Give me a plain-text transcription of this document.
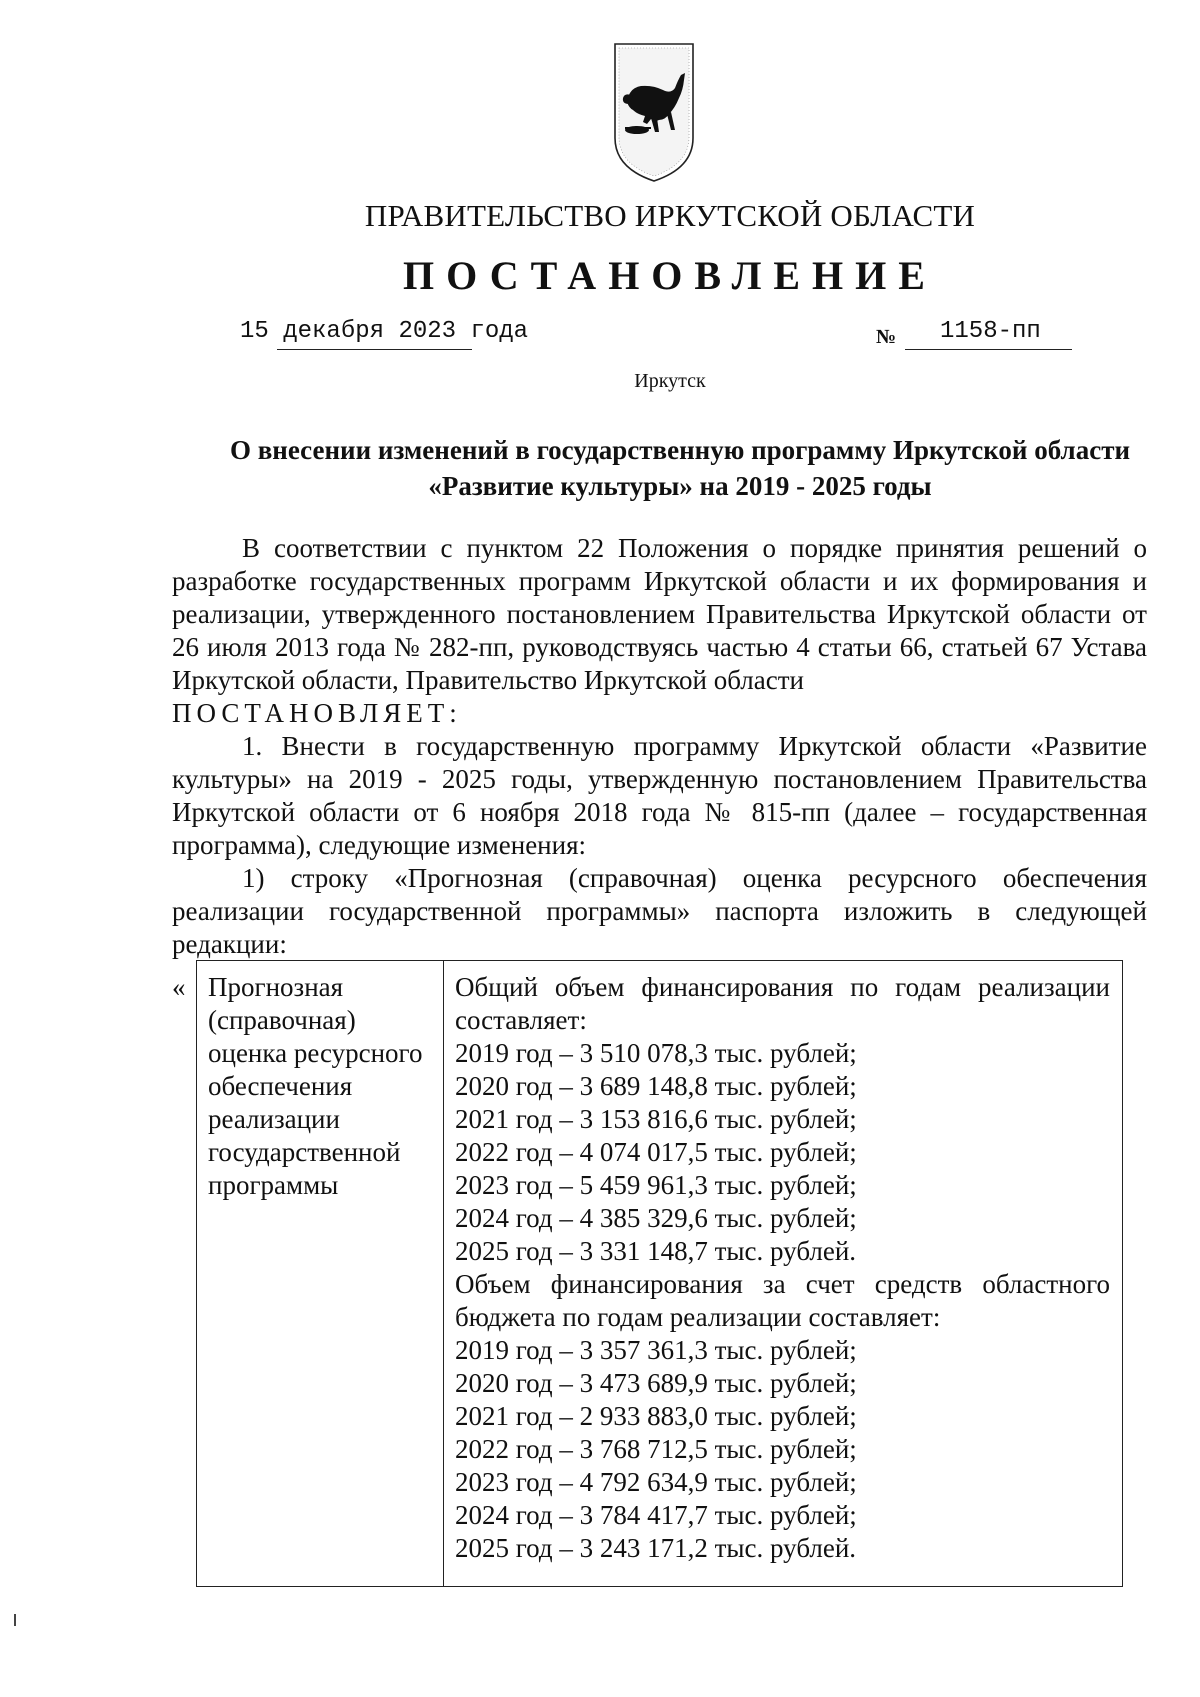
ПРАВИТЕЛЬСТВО ИРКУТСКОЙ ОБЛАСТИ
ПОСТАНОВЛЕНИЕ
15 декабря 2023 года	№ 1158-пп
Иркутск
О внесении изменений в государственную программу Иркутской области
«Развитие культуры» на 2019 - 2025 годы

В соответствии с пунктом 22 Положения о порядке принятия решений о разработке государственных программ Иркутской области и их формирования и реализации, утвержденного постановлением Правительства Иркутской области от 26 июля 2013 года № 282-пп, руководствуясь частью 4 статьи 66, статьей 67 Устава Иркутской области, Правительство Иркутской области

ПОСТАНОВЛЯЕТ:

1. Внести в государственную программу Иркутской области «Развитие культуры» на 2019 - 2025 годы, утвержденную постановлением Правительства Иркутской области от 6 ноября 2018 года № 815-пп (далее – государственная программа), следующие изменения:

1) строку «Прогнозная (справочная) оценка ресурсного обеспечения реализации государственной программы» паспорта изложить в следующей редакции:

« Прогнозная (справочная) оценка ресурсного обеспечения реализации государственной программы
Общий объем финансирования по годам реализации составляет:
2019 год – 3 510 078,3 тыс. рублей;
2020 год – 3 689 148,8 тыс. рублей;
2021 год – 3 153 816,6 тыс. рублей;
2022 год – 4 074 017,5 тыс. рублей;
2023 год – 5 459 961,3 тыс. рублей;
2024 год – 4 385 329,6 тыс. рублей;
2025 год – 3 331 148,7 тыс. рублей.
Объем финансирования за счет средств областного бюджета по годам реализации составляет:
2019 год – 3 357 361,3 тыс. рублей;
2020 год – 3 473 689,9 тыс. рублей;
2021 год – 2 933 883,0 тыс. рублей;
2022 год – 3 768 712,5 тыс. рублей;
2023 год – 4 792 634,9 тыс. рублей;
2024 год – 3 784 417,7 тыс. рублей;
2025 год – 3 243 171,2 тыс. рублей.
